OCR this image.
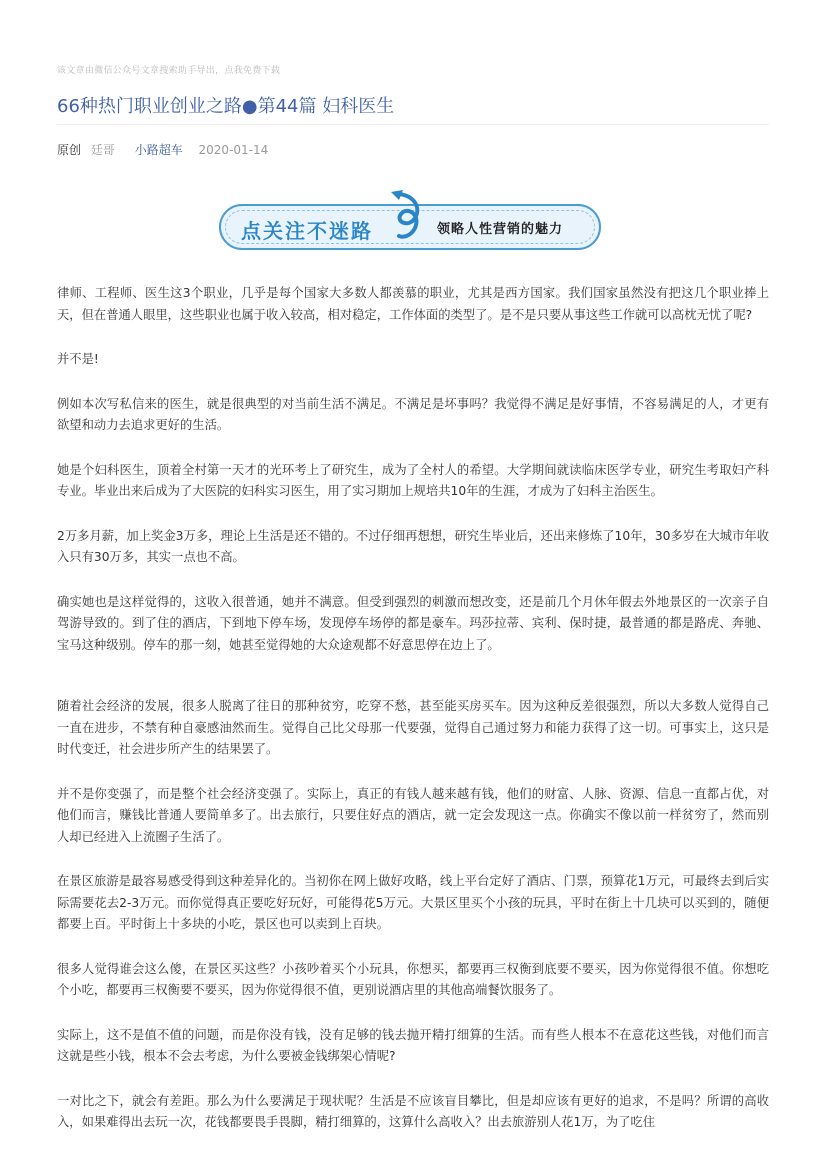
该文章由微信公众号文章搜索助手导出，点我免费下载
66种热门职业创业之路●第44篇 妇科医生
原创 廷哥 小路超车 2020-01-14
点关注不迷路	领略人性营销的魅力

律师、工程师、医生这3个职业，几乎是每个国家大多数人都羡慕的职业，尤其是西方国家。我们国家虽然没有把这几个职业捧上天，但在普通人眼里，这些职业也属于收入较高，相对稳定，工作体面的类型了。是不是只要从事这些工作就可以高枕无忧了呢?

并不是!

例如本次写私信来的医生，就是很典型的对当前生活不满足。不满足是坏事吗？我觉得不满足是好事情，不容易满足的人，才更有欲望和动力去追求更好的生活。

她是个妇科医生，顶着全村第一天才的光环考上了研究生，成为了全村人的希望。大学期间就读临床医学专业，研究生考取妇产科专业。毕业出来后成为了大医院的妇科实习医生，用了实习期加上规培共10年的生涯，才成为了妇科主治医生。

2万多月薪，加上奖金3万多，理论上生活是还不错的。不过仔细再想想，研究生毕业后，还出来修炼了10年，30多岁在大城市年收入只有30万多，其实一点也不高。

确实她也是这样觉得的，这收入很普通，她并不满意。但受到强烈的刺激而想改变，还是前几个月休年假去外地景区的一次亲子自驾游导致的。到了住的酒店，下到地下停车场，发现停车场停的都是豪车。玛莎拉蒂、宾利、保时捷，最普通的都是路虎、奔驰、宝马这种级别。停车的那一刻，她甚至觉得她的大众途观都不好意思停在边上了。

随着社会经济的发展，很多人脱离了往日的那种贫穷，吃穿不愁，甚至能买房买车。因为这种反差很强烈，所以大多数人觉得自己一直在进步，不禁有种自豪感油然而生。觉得自己比父母那一代要强，觉得自己通过努力和能力获得了这一切。可事实上，这只是时代变迁，社会进步所产生的结果罢了。

并不是你变强了，而是整个社会经济变强了。实际上，真正的有钱人越来越有钱，他们的财富、人脉、资源、信息一直都占优，对他们而言，赚钱比普通人要简单多了。出去旅行，只要住好点的酒店，就一定会发现这一点。你确实不像以前一样贫穷了，然而别人却已经进入上流圈子生活了。

在景区旅游是最容易感受得到这种差异化的。当初你在网上做好攻略，线上平台定好了酒店、门票，预算花1万元，可最终去到后实际需要花去2-3万元。而你觉得真正要吃好玩好，可能得花5万元。大景区里买个小孩的玩具，平时在街上十几块可以买到的，随便都要上百。平时街上十多块的小吃，景区也可以卖到上百块。

很多人觉得谁会这么傻，在景区买这些？小孩吵着买个小玩具，你想买，都要再三权衡到底要不要买，因为你觉得很不值。你想吃个小吃，都要再三权衡要不要买，因为你觉得很不值，更别说酒店里的其他高端餐饮服务了。

实际上，这不是值不值的问题，而是你没有钱，没有足够的钱去抛开精打细算的生活。而有些人根本不在意花这些钱，对他们而言这就是些小钱，根本不会去考虑，为什么要被金钱绑架心情呢?

一对比之下，就会有差距。那么为什么要满足于现状呢？生活是不应该盲目攀比，但是却应该有更好的追求，不是吗？所谓的高收入，如果难得出去玩一次，花钱都要畏手畏脚，精打细算的，这算什么高收入？出去旅游别人花1万，为了吃住
